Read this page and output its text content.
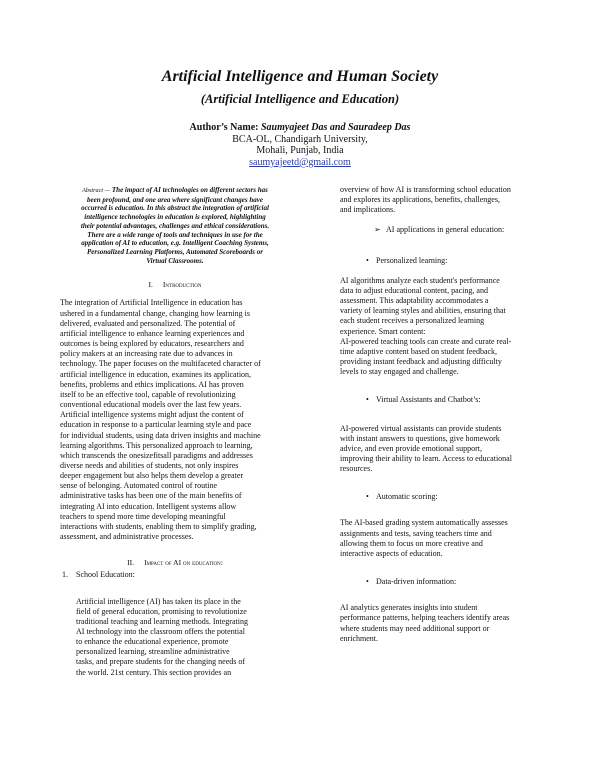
Artificial Intelligence and Human Society
(Artificial Intelligence and Education)
Author’s Name: Saumyajeet Das and Sauradeep Das
BCA-OL, Chandigarh University,
Mohali, Punjab, India
saumyajeetd@gmail.com
Abstract — The impact of AI technologies on different sectors has
been profound, and one area where significant changes have
occurred is education. In this abstract the integration of artificial
intelligence technologies in education is explored, highlighting
their potential advantages, challenges and ethical considerations.
There are a wide range of tools and techniques in use for the
application of AI to education, e.g. Intelligent Coaching Systems,
Personalized Learning Platforms, Automated Scoreboards or
Virtual Classrooms.

I. Introduction

The integration of Artificial Intelligence in education has
ushered in a fundamental change, changing how learning is
delivered, evaluated and personalized. The potential of
artificial intelligence to enhance learning experiences and
outcomes is being explored by educators, researchers and
policy makers at an increasing rate due to advances in
technology. The paper focuses on the multifaceted character of
artificial intelligence in education, examines its application,
benefits, problems and ethics implications. AI has proven
itself to be an effective tool, capable of revolutionizing
conventional educational models over the last few years.
Artificial intelligence systems might adjust the content of
education in response to a particular learning style and pace
for individual students, using data driven insights and machine
learning algorithms. This personalized approach to learning,
which transcends the onesizefitsall paradigms and addresses
diverse needs and abilities of students, not only inspires
deeper engagement but also helps them develop a greater
sense of belonging. Automated control of routine
administrative tasks has been one of the main benefits of
integrating AI into education. Intelligent systems allow
teachers to spend more time developing meaningful
interactions with students, enabling them to simplify grading,
assessment, and administrative processes.

II. Impact of AI on education:

1. School Education:
Artificial intelligence (AI) has taken its place in the
field of general education, promising to revolutionize
traditional teaching and learning methods. Integrating
AI technology into the classroom offers the potential
to enhance the educational experience, promote
personalized learning, streamline administrative
tasks, and prepare students for the changing needs of
the world. 21st century. This section provides an
overview of how AI is transforming school education
and explores its applications, benefits, challenges,
and implications.
➢ AI applications in general education:
• Personalized learning:
AI algorithms analyze each student's performance
data to adjust educational content, pacing, and
assessment. This adaptability accommodates a
variety of learning styles and abilities, ensuring that
each student receives a personalized learning
experience. Smart content:
AI-powered teaching tools can create and curate real-
time adaptive content based on student feedback,
providing instant feedback and adjusting difficulty
levels to stay engaged and challenge.
• Virtual Assistants and Chatbot’s:
AI-powered virtual assistants can provide students
with instant answers to questions, give homework
advice, and even provide emotional support,
improving their ability to learn. Access to educational
resources.
• Automatic scoring:
The AI-based grading system automatically assesses
assignments and tests, saving teachers time and
allowing them to focus on more creative and
interactive aspects of education.
• Data-driven information:
AI analytics generates insights into student
performance patterns, helping teachers identify areas
where students may need additional support or
enrichment.
